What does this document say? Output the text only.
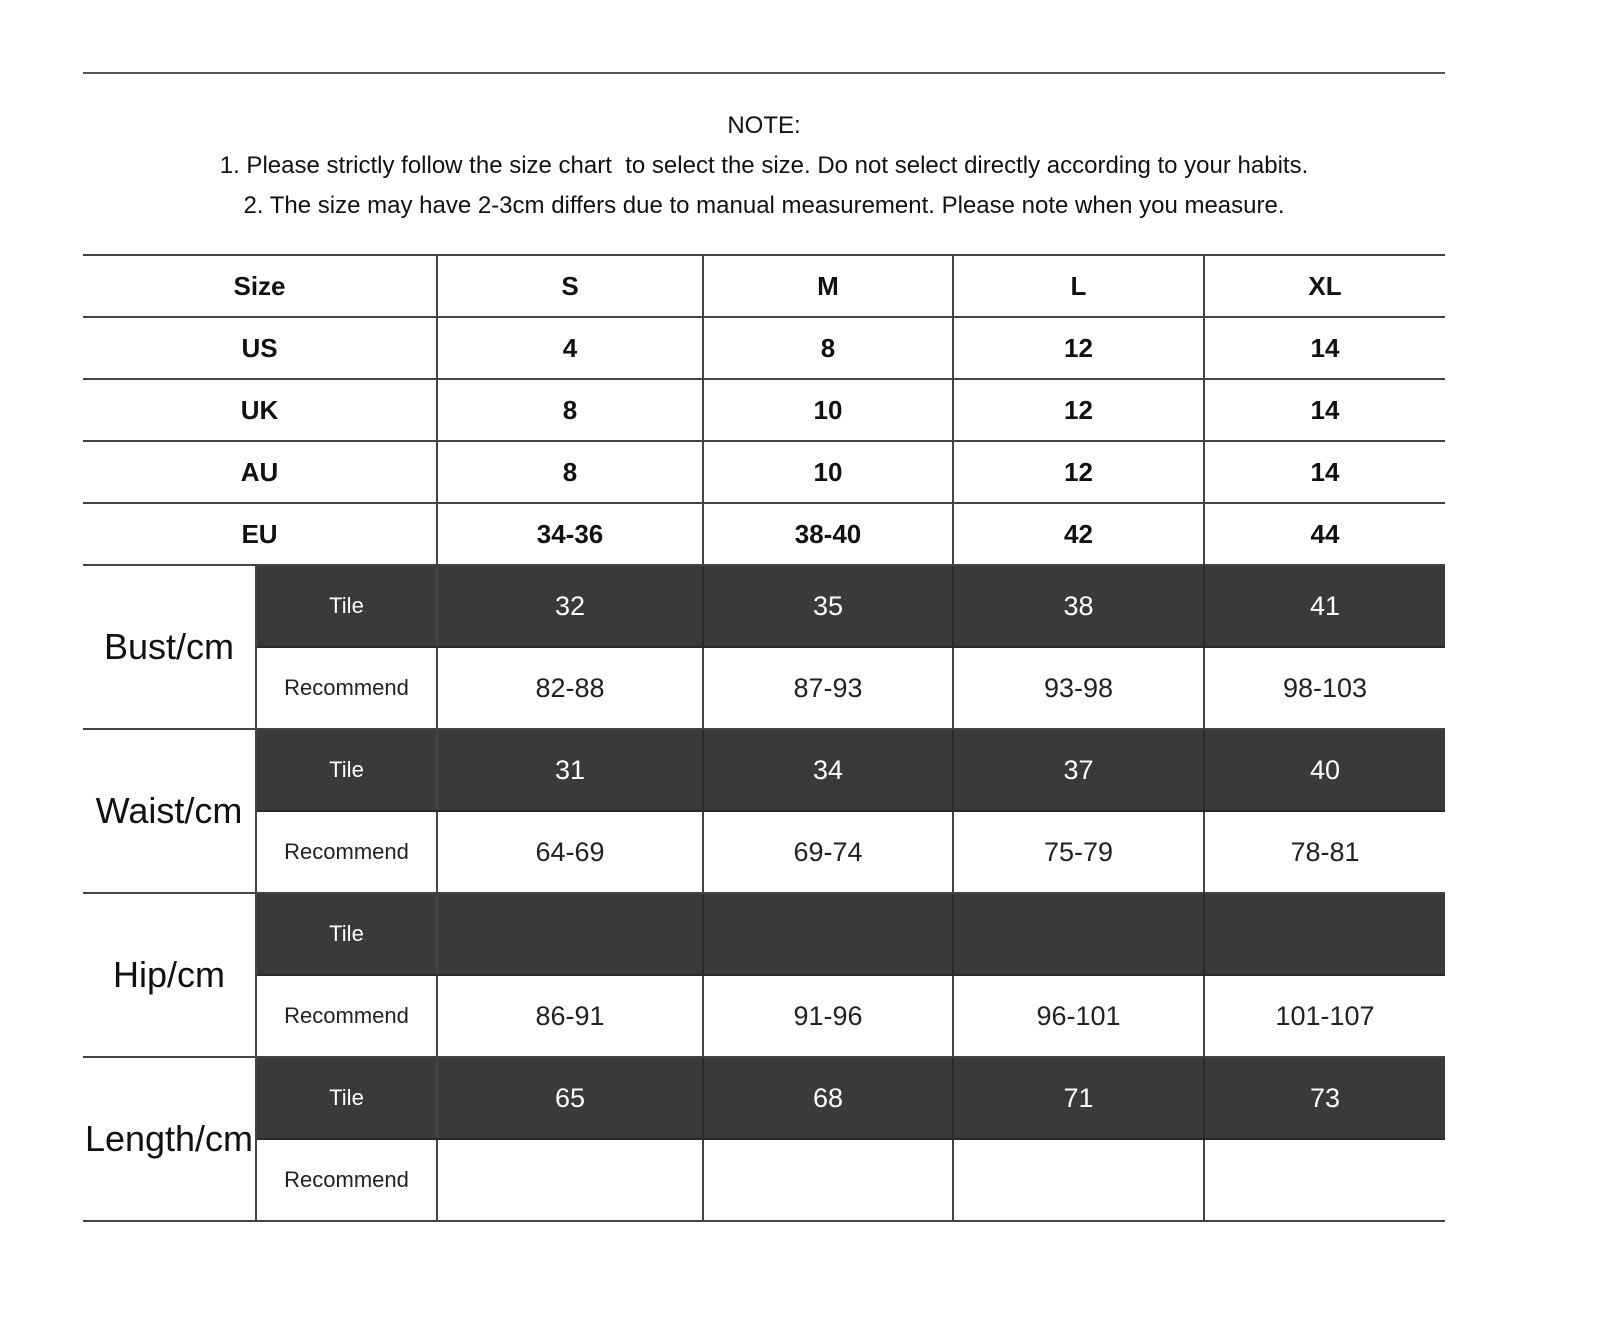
NOTE:
1. Please strictly follow the size chart  to select the size. Do not select directly according to your habits.
2. The size may have 2-3cm differs due to manual measurement. Please note when you measure.
Size		S	M	L	XL
US		4	8	12	14
UK		8	10	12	14
AU		8	10	12	14
EU		34-36	38-40	42	44
Bust/cm	Tile	32	35	38	41
	Recommend	82-88	87-93	93-98	98-103
Waist/cm	Tile	31	34	37	40
	Recommend	64-69	69-74	75-79	78-81
Hip/cm	Tile				
	Recommend	86-91	91-96	96-101	101-107
Length/cm	Tile	65	68	71	73
	Recommend				
